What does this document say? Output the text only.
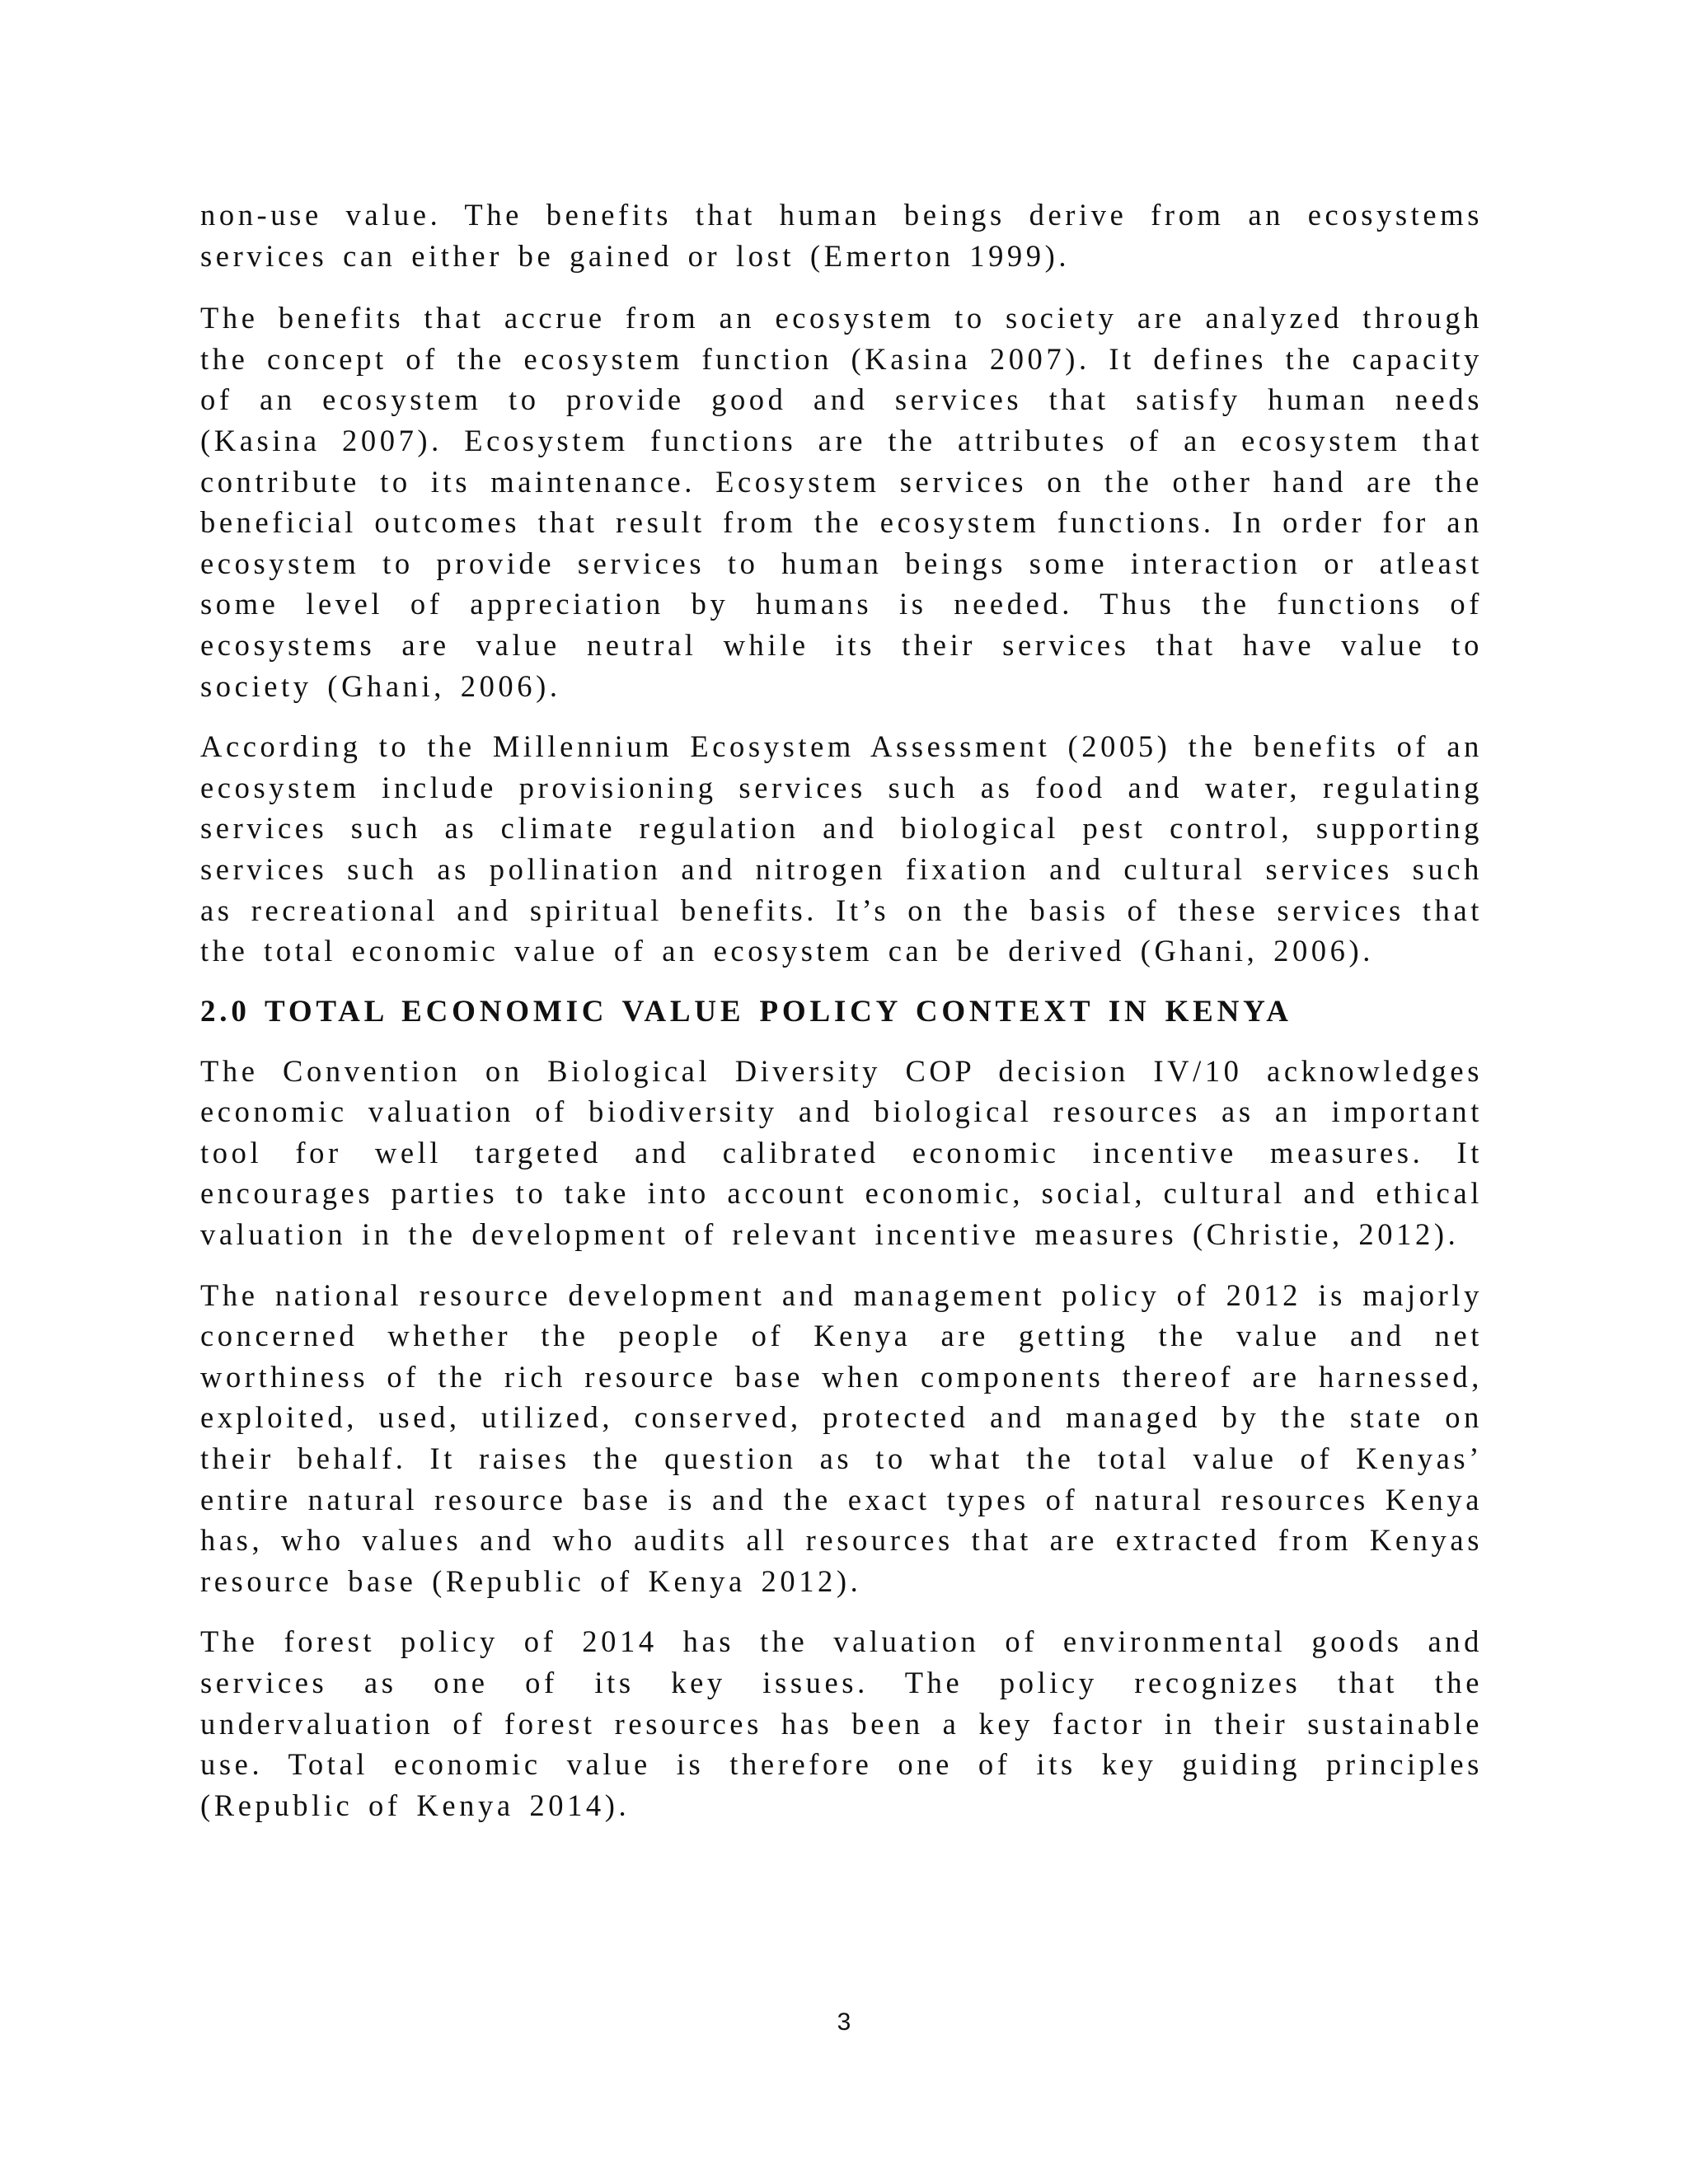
non-use value. The benefits that human beings derive from an ecosystems services can either be gained or lost (Emerton 1999).

The benefits that accrue from an ecosystem to society are analyzed through the concept of the ecosystem function (Kasina 2007). It defines the capacity of an ecosystem to provide good and services that satisfy human needs (Kasina 2007). Ecosystem functions are the attributes of an ecosystem that contribute to its maintenance. Ecosystem services on the other hand are the beneficial outcomes that result from the ecosystem functions. In order for an ecosystem to provide services to human beings some interaction or atleast some level of appreciation by humans is needed. Thus the functions of ecosystems are value neutral while its their services that have value to society (Ghani, 2006).

According to the Millennium Ecosystem Assessment (2005) the benefits of an ecosystem include provisioning services such as food and water, regulating services such as climate regulation and biological pest control, supporting services such as pollination and nitrogen fixation and cultural services such as recreational and spiritual benefits. It’s on the basis of these services that the total economic value of an ecosystem can be derived (Ghani, 2006).

2.0 TOTAL ECONOMIC VALUE POLICY CONTEXT IN KENYA

The Convention on Biological Diversity COP decision IV/10 acknowledges economic valuation of biodiversity and biological resources as an important tool for well targeted and calibrated economic incentive measures. It encourages parties to take into account economic, social, cultural and ethical valuation in the development of relevant incentive measures (Christie, 2012).

The national resource development and management policy of 2012 is majorly concerned whether the people of Kenya are getting the value and net worthiness of the rich resource base when components thereof are harnessed, exploited, used, utilized, conserved, protected and managed by the state on their behalf. It raises the question as to what the total value of Kenyas’ entire natural resource base is and the exact types of natural resources Kenya has, who values and who audits all resources that are extracted from Kenyas resource base (Republic of Kenya 2012).

The forest policy of 2014 has the valuation of environmental goods and services as one of its key issues. The policy recognizes that the undervaluation of forest resources has been a key factor in their sustainable use. Total economic value is therefore one of its key guiding principles (Republic of Kenya 2014).

3
